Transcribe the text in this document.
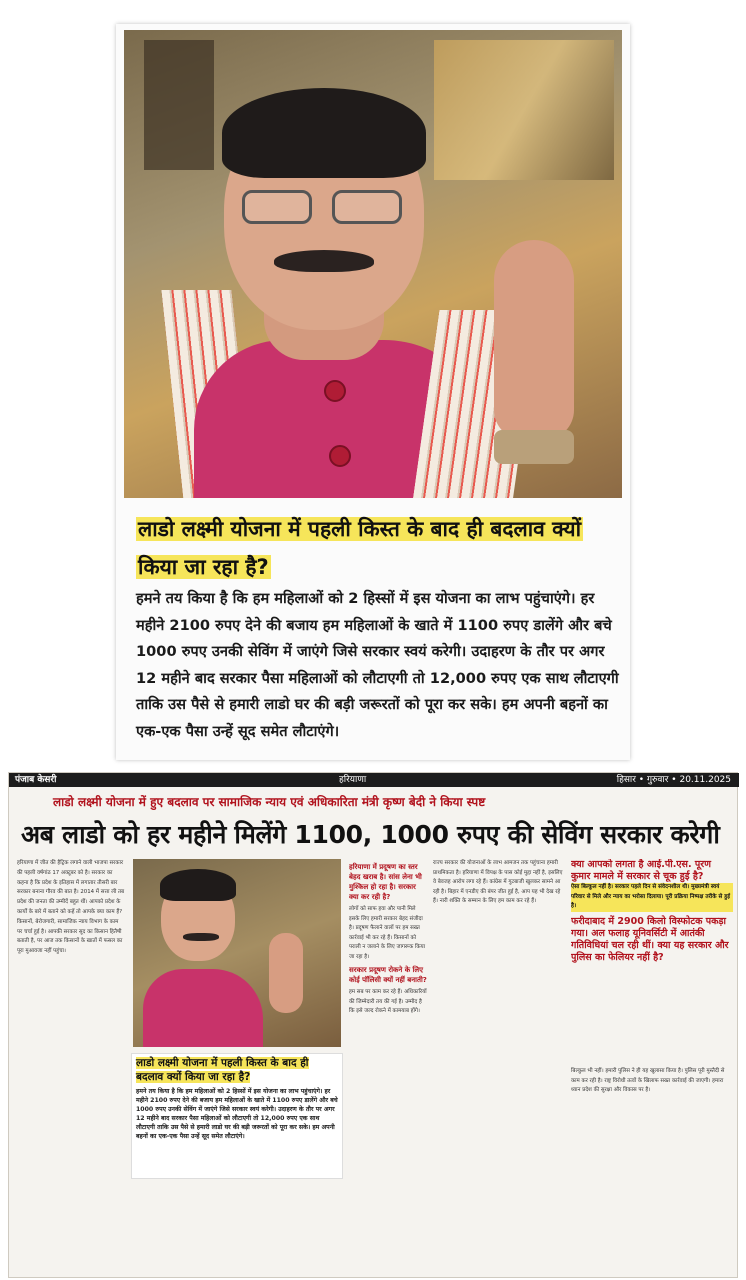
लाडो लक्ष्मी योजना में पहली किस्त के बाद ही बदलाव क्यों किया जा रहा है?
हमने तय किया है कि हम महिलाओं को 2 हिस्सों में इस योजना का लाभ पहुंचाएंगे। हर महीने 2100 रुपए देने की बजाय हम महिलाओं के खाते में 1100 रुपए डालेंगे और बचे 1000 रुपए उनकी सेविंग में जाएंगे जिसे सरकार स्वयं करेगी। उदाहरण के तौर पर अगर 12 महीने बाद सरकार पैसा महिलाओं को लौटाएगी तो 12,000 रुपए एक साथ लौटाएगी ताकि उस पैसे से हमारी लाडो घर की बड़ी जरूरतों को पूरा कर सके। हम अपनी बहनों का एक-एक पैसा उन्हें सूद समेत लौटाएंगे।
पंजाब केसरी	हरियाणा	हिसार • गुरुवार • 20.11.2025
लाडो लक्ष्मी योजना में हुए बदलाव पर सामाजिक न्याय एवं अधिकारिता मंत्री कृष्ण बेदी ने किया स्पष्ट
अब लाडो को हर महीने मिलेंगे 1100, 1000 रुपए की सेविंग सरकार करेगी
हरियाणा में जीत की हैट्रिक लगाने वाली भाजपा सरकार की पहली वर्षगांठ 17 अक्टूबर को है। सरकार का कहना है कि प्रदेश के इतिहास में लगातार तीसरी बार सरकार बनाना गौरव की बात है। 2014 में सत्ता ली तब प्रदेश की जनता की उम्मीदें बहुत थीं। आपको प्रदेश के कार्यों के बारे में बताने को कहें तो आपके क्या काम हैं? किसानों, बेरोजगारी, सामाजिक न्याय विभाग के काम पर चर्चा हुई है। आपकी सरकार सूद का किसान हितैषी बताती है, पर आज तक किसानों के खातों में फसल का पूरा मुआवजा नहीं पहुंचा।
लाडो लक्ष्मी योजना में पहली किस्त के बाद ही बदलाव क्यों किया जा रहा है?
हमने तय किया है कि हम महिलाओं को 2 हिस्सों में इस योजना का लाभ पहुंचाएंगे। हर महीने 2100 रुपए देने की बजाय हम महिलाओं के खाते में 1100 रुपए डालेंगे और बचे 1000 रुपए उनकी सेविंग में जाएंगे जिसे सरकार स्वयं करेगी। उदाहरण के तौर पर अगर 12 महीने बाद सरकार पैसा महिलाओं को लौटाएगी तो 12,000 रुपए एक साथ लौटाएगी ताकि उस पैसे से हमारी लाडो घर की बड़ी जरूरतों को पूरा कर सके। हम अपनी बहनों का एक-एक पैसा उन्हें सूद समेत लौटाएंगे।
हरियाणा में प्रदूषण का स्तर बेहद खराब है। सांस लेना भी मुश्किल हो रहा है। सरकार क्या कर रही है?
लोगों को साफ हवा और पानी मिले इसके लिए हमारी सरकार बेहद संजीदा है। प्रदूषण फैलाने वालों पर हम सख्त कार्रवाई भी कर रहे हैं। किसानों को पराली न जलाने के लिए जागरूक किया जा रहा है।
सरकार प्रदूषण रोकने के लिए कोई पॉलिसी क्यों नहीं बनाती?
हम सब पर काम कर रहे हैं। अधिकारियों की जिम्मेदारी तय की गई है। उम्मीद है कि इसे जल्द रोकने में कामयाब होंगे।
राज्य सरकार की योजनाओं के लाभ आमजन तक पहुंचाना हमारी प्राथमिकता है। हरियाणा में विपक्ष के पास कोई मुद्दा नहीं है, इसलिए वे बेवजह आरोप लगा रहे हैं। कांग्रेस में गुटबाजी खुलकर सामने आ रही है। बिहार में एनडीए की बंपर जीत हुई है, आप यह भी देख रहे हैं। नारी शक्ति के सम्मान के लिए हम काम कर रहे हैं।
क्या आपको लगता है आई.पी.एस. पूरण कुमार मामले में सरकार से चूक हुई है?
ऐसा बिल्कुल नहीं है। सरकार पहले दिन से संवेदनशील थी। मुख्यमंत्री स्वयं परिवार से मिले और न्याय का भरोसा दिलाया। पूरी प्रक्रिया निष्पक्ष तरीके से हुई है।
फरीदाबाद में 2900 किलो विस्फोटक पकड़ा गया। अल फलाह यूनिवर्सिटी में आतंकी गतिविधियां चल रही थीं। क्या यह सरकार और पुलिस का फेलियर नहीं है?
बिल्कुल भी नहीं। हमारी पुलिस ने ही यह खुलासा किया है। पुलिस पूरी मुस्तैदी से काम कर रही है। राष्ट्र विरोधी तत्वों के खिलाफ सख्त कार्रवाई की जाएगी। हमारा ध्यान प्रदेश की सुरक्षा और विकास पर है।
